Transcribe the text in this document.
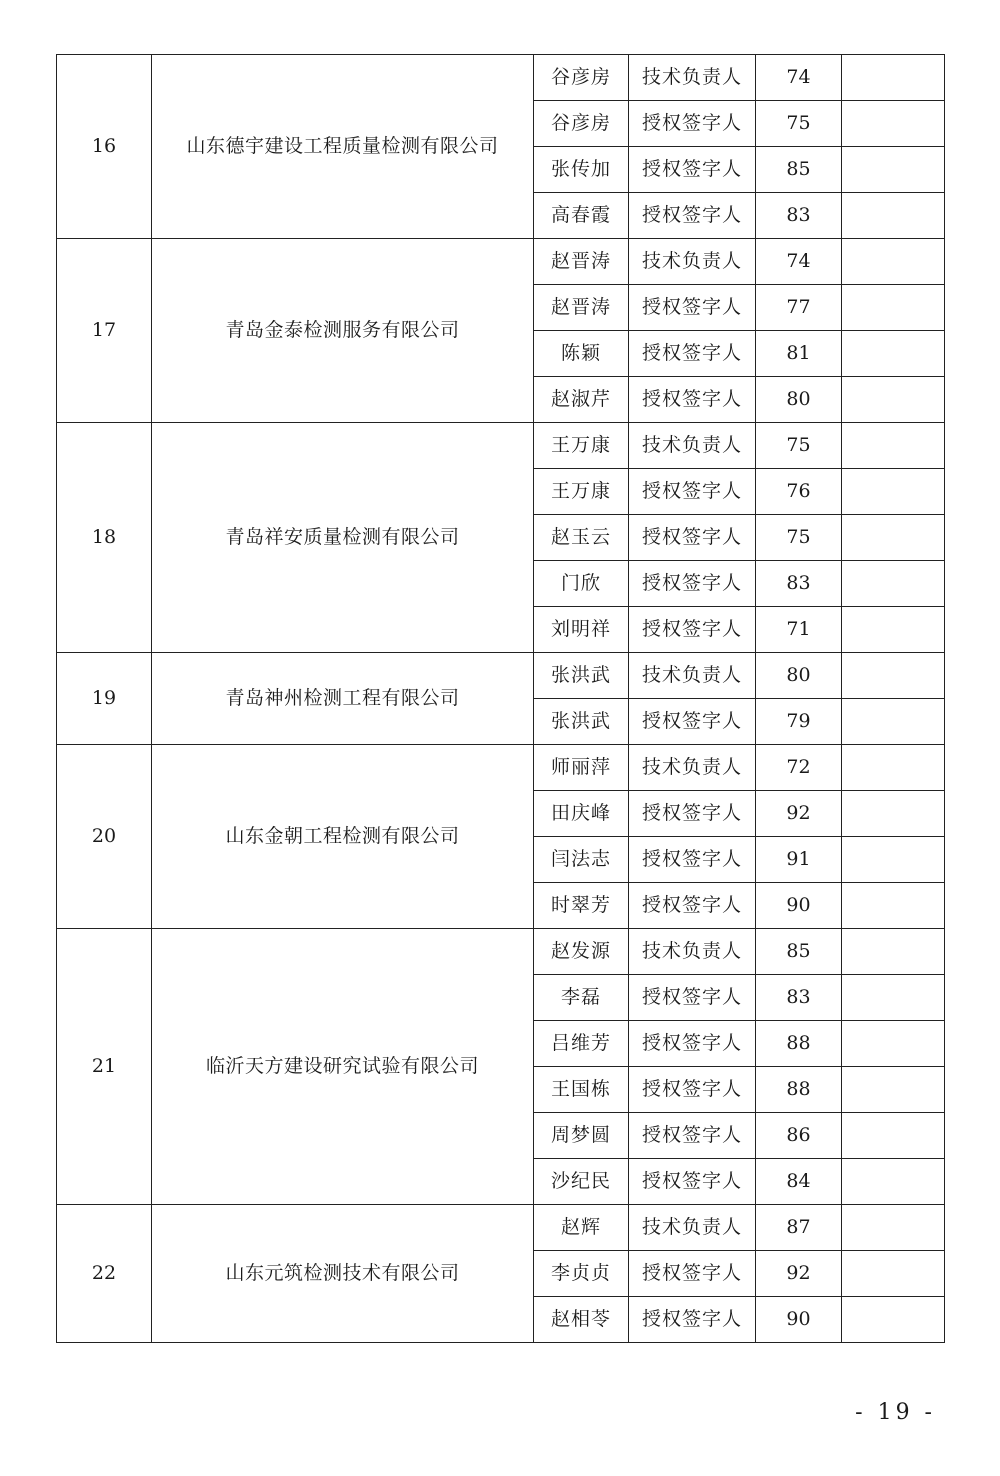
16	山东德宇建设工程质量检测有限公司	谷彦房	技术负责人	74	
		谷彦房	授权签字人	75	
		张传加	授权签字人	85	
		高春霞	授权签字人	83	
17	青岛金泰检测服务有限公司	赵晋涛	技术负责人	74	
		赵晋涛	授权签字人	77	
		陈颖	授权签字人	81	
		赵淑芹	授权签字人	80	
18	青岛祥安质量检测有限公司	王万康	技术负责人	75	
		王万康	授权签字人	76	
		赵玉云	授权签字人	75	
		门欣	授权签字人	83	
		刘明祥	授权签字人	71	
19	青岛神州检测工程有限公司	张洪武	技术负责人	80	
		张洪武	授权签字人	79	
20	山东金朝工程检测有限公司	师丽萍	技术负责人	72	
		田庆峰	授权签字人	92	
		闫法志	授权签字人	91	
		时翠芳	授权签字人	90	
21	临沂天方建设研究试验有限公司	赵发源	技术负责人	85	
		李磊	授权签字人	83	
		吕维芳	授权签字人	88	
		王国栋	授权签字人	88	
		周梦圆	授权签字人	86	
		沙纪民	授权签字人	84	
22	山东元筑检测技术有限公司	赵辉	技术负责人	87	
		李贞贞	授权签字人	92	
		赵相苓	授权签字人	90	
- 19 -
